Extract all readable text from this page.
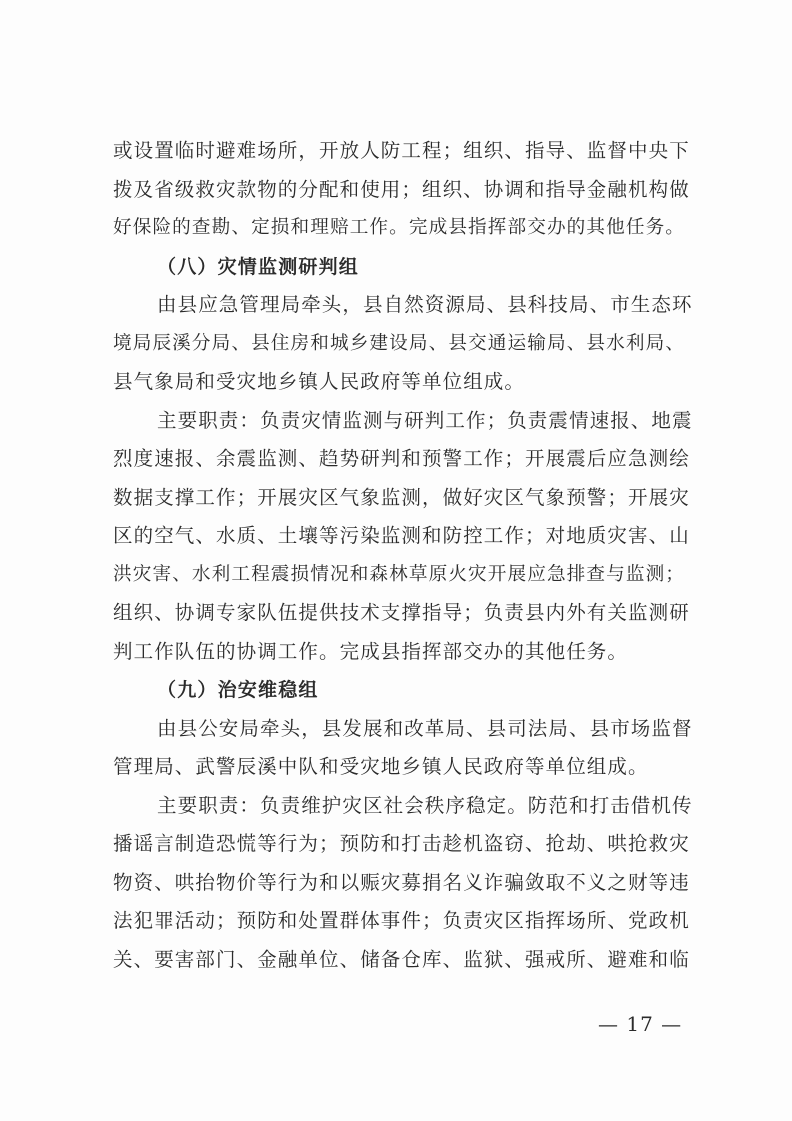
或设置临时避难场所，开放人防工程；组织、指导、监督中央下
拨及省级救灾款物的分配和使用；组织、协调和指导金融机构做
好保险的查勘、定损和理赔工作。完成县指挥部交办的其他任务。
（八）灾情监测研判组
由县应急管理局牵头，县自然资源局、县科技局、市生态环
境局辰溪分局、县住房和城乡建设局、县交通运输局、县水利局、
县气象局和受灾地乡镇人民政府等单位组成。
主要职责：负责灾情监测与研判工作；负责震情速报、地震
烈度速报、余震监测、趋势研判和预警工作；开展震后应急测绘
数据支撑工作；开展灾区气象监测，做好灾区气象预警；开展灾
区的空气、水质、土壤等污染监测和防控工作；对地质灾害、山
洪灾害、水利工程震损情况和森林草原火灾开展应急排查与监测；
组织、协调专家队伍提供技术支撑指导；负责县内外有关监测研
判工作队伍的协调工作。完成县指挥部交办的其他任务。
（九）治安维稳组
由县公安局牵头，县发展和改革局、县司法局、县市场监督
管理局、武警辰溪中队和受灾地乡镇人民政府等单位组成。
主要职责：负责维护灾区社会秩序稳定。防范和打击借机传
播谣言制造恐慌等行为；预防和打击趁机盗窃、抢劫、哄抢救灾
物资、哄抬物价等行为和以赈灾募捐名义诈骗敛取不义之财等违
法犯罪活动；预防和处置群体事件；负责灾区指挥场所、党政机
关、要害部门、金融单位、储备仓库、监狱、强戒所、避难和临
— 17 —
